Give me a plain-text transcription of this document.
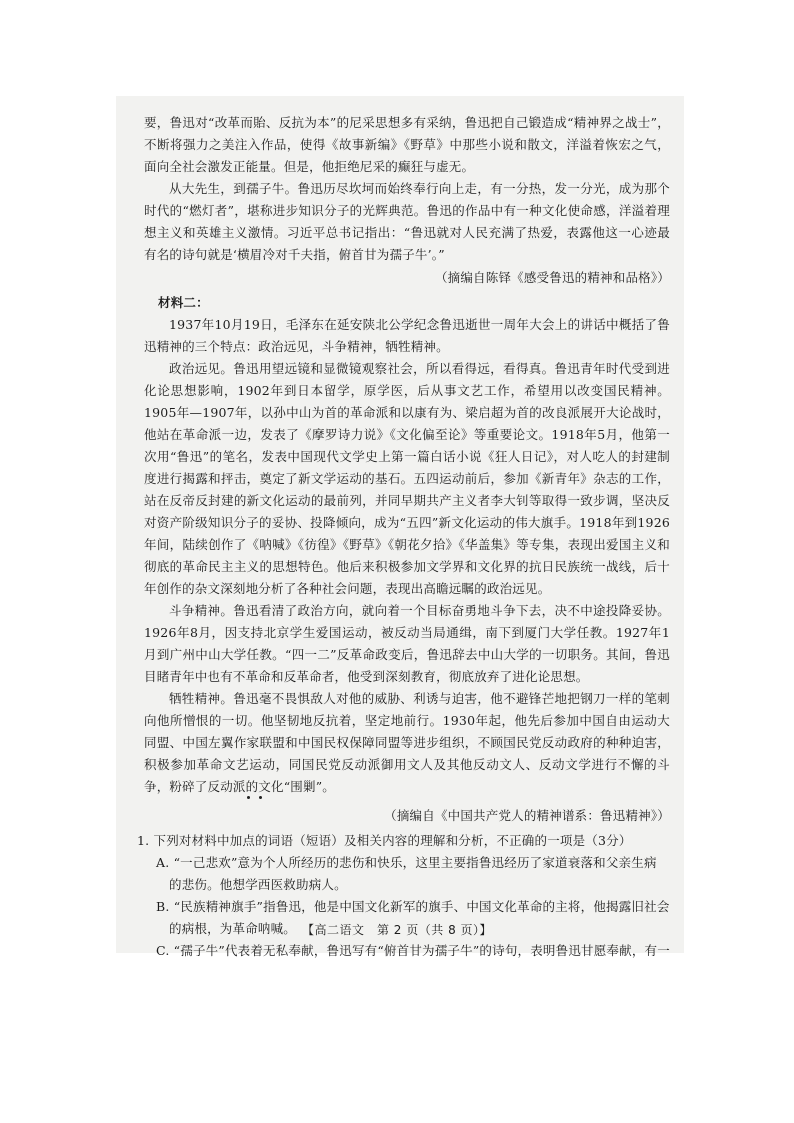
要，鲁迅对“改革而貽、反抗为本”的尼采思想多有采纳，鲁迅把自己锻造成“精神界之战士”，不断将强力之美注入作品，使得《故事新编》《野草》中那些小说和散文，洋溢着恢宏之气，面向全社会激发正能量。但是，他拒绝尼采的癫狂与虚无。

从大先生，到孺子牛。鲁迅历尽坎坷而始终奉行向上走，有一分热，发一分光，成为那个时代的“燃灯者”，堪称进步知识分子的光辉典范。鲁迅的作品中有一种文化使命感，洋溢着理想主义和英雄主义激情。习近平总书记指出：“鲁迅就对人民充满了热爱，表露他这一心迹最有名的诗句就是‘横眉冷对千夫指，俯首甘为孺子牛’。”

（摘编自陈铎《感受鲁迅的精神和品格》）

材料二：

1937年10月19日，毛泽东在延安陕北公学纪念鲁迅逝世一周年大会上的讲话中概括了鲁迅精神的三个特点：政治远见，斗争精神，牺牲精神。

政治远见。鲁迅用望远镜和显微镜观察社会，所以看得远，看得真。鲁迅青年时代受到进化论思想影响，1902年到日本留学，原学医，后从事文艺工作，希望用以改变国民精神。1905年—1907年，以孙中山为首的革命派和以康有为、梁启超为首的改良派展开大论战时，他站在革命派一边，发表了《摩罗诗力说》《文化偏至论》等重要论文。1918年5月，他第一次用“鲁迅”的笔名，发表中国现代文学史上第一篇白话小说《狂人日记》，对人吃人的封建制度进行揭露和抨击，奠定了新文学运动的基石。五四运动前后，参加《新青年》杂志的工作，站在反帝反封建的新文化运动的最前列，并同早期共产主义者李大钊等取得一致步调，坚决反对资产阶级知识分子的妥协、投降倾向，成为“五四”新文化运动的伟大旗手。1918年到1926年间，陆续创作了《呐喊》《彷徨》《野草》《朝花夕拾》《华盖集》等专集，表现出爱国主义和彻底的革命民主主义的思想特色。他后来积极参加文学界和文化界的抗日民族统一战线，后十年创作的杂文深刻地分析了各种社会问题，表现出高瞻远瞩的政治远见。

斗争精神。鲁迅看清了政治方向，就向着一个目标奋勇地斗争下去，决不中途投降妥协。1926年8月，因支持北京学生爱国运动，被反动当局通缉，南下到厦门大学任教。1927年1月到广州中山大学任教。“四一二”反革命政变后，鲁迅辞去中山大学的一切职务。其间，鲁迅目睹青年中也有不革命和反革命者，他受到深刻教育，彻底放弃了进化论思想。

牺牲精神。鲁迅毫不畏惧敌人对他的威胁、利诱与迫害，他不避锋芒地把钢刀一样的笔刺向他所憎恨的一切。他坚韧地反抗着，坚定地前行。1930年起，他先后参加中国自由运动大同盟、中国左翼作家联盟和中国民权保障同盟等进步组织，不顾国民党反动政府的种种迫害，积极参加革命文艺运动，同国民党反动派御用文人及其他反动文人、反动文学进行不懈的斗争，粉碎了反动派的文化“围剿”。

（摘编自《中国共产党人的精神谱系：鲁迅精神》）

1. 下列对材料中加点的词语（短语）及相关内容的理解和分析，不正确的一项是（3分）

A. “一己悲欢”意为个人所经历的悲伤和快乐，这里主要指鲁迅经历了家道衰落和父亲生病

的悲伤。他想学西医救助病人。

B. “民族精神旗手”指鲁迅，他是中国文化新军的旗手、中国文化革命的主将，他揭露旧社会

的病根，为革命呐喊。

C. “孺子牛”代表着无私奉献，鲁迅写有“俯首甘为孺子牛”的诗句，表明鲁迅甘愿奉献，有一

【高二语文　第 2 页（共 8 页）】
